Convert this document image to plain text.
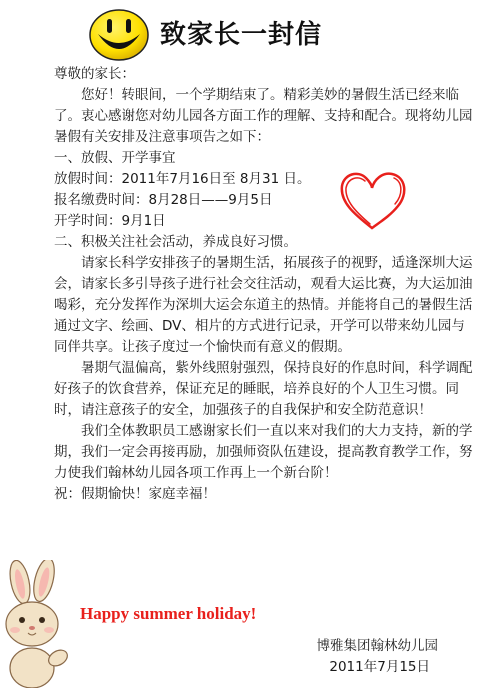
致家长一封信

尊敬的家长：

您好！转眼间，一个学期结束了。精彩美妙的暑假生活已经来临了。衷心感谢您对幼儿园各方面工作的理解、支持和配合。现将幼儿园暑假有关安排及注意事项告之如下：

一、放假、开学事宜

放假时间：2011年7月16日至 8月31 日。

报名缴费时间：8月28日——9月5日

开学时间：9月1日

二、积极关注社会活动，养成良好习惯。

请家长科学安排孩子的暑期生活，拓展孩子的视野，适逢深圳大运会，请家长多引导孩子进行社会交往活动，观看大运比赛，为大运加油喝彩，充分发挥作为深圳大运会东道主的热情。并能将自己的暑假生活通过文字、绘画、DV、相片的方式进行记录，开学可以带来幼儿园与同伴共享。让孩子度过一个愉快而有意义的假期。

暑期气温偏高，紫外线照射强烈，保持良好的作息时间，科学调配好孩子的饮食营养，保证充足的睡眠，培养良好的个人卫生习惯。同时，请注意孩子的安全，加强孩子的自我保护和安全防范意识！

我们全体教职员工感谢家长们一直以来对我们的大力支持，新的学期，我们一定会再接再励，加强师资队伍建设，提高教育教学工作，努力使我们翰林幼儿园各项工作再上一个新台阶！

祝：假期愉快！家庭幸福！

Happy summer holiday!
博雅集团翰林幼儿园
2011年7月15日
